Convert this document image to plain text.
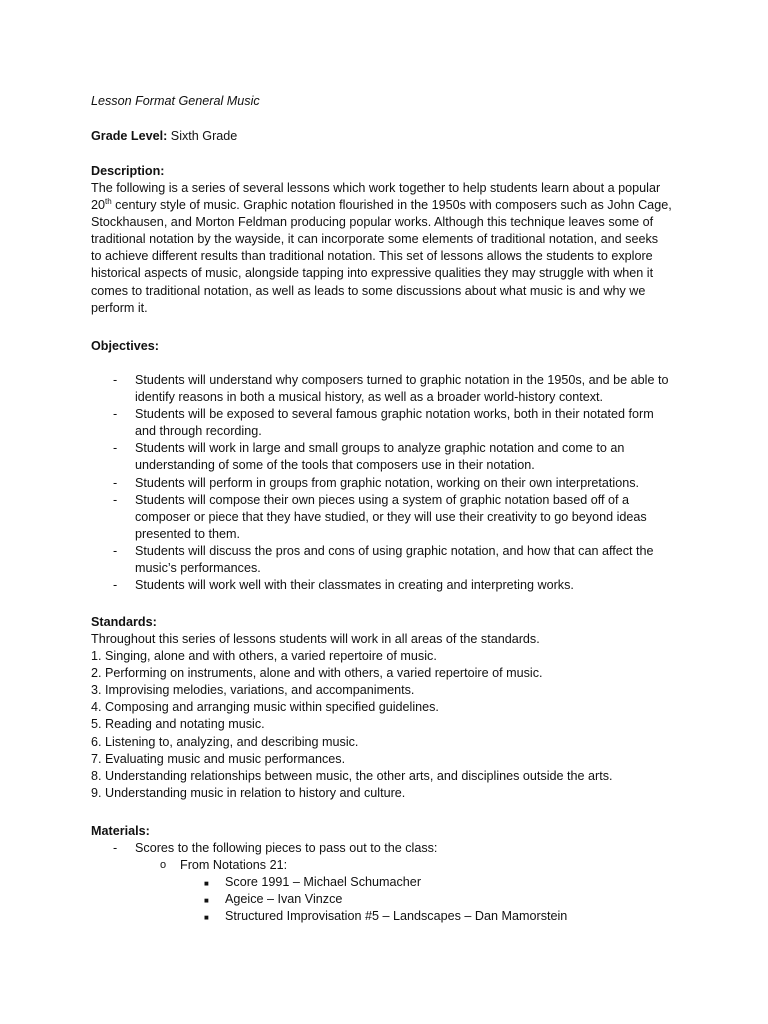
Lesson Format General Music
Grade Level: Sixth Grade
Description:

The following is a series of several lessons which work together to help students learn about a popular

20th century style of music. Graphic notation flourished in the 1950s with composers such as John Cage,

Stockhausen, and Morton Feldman producing popular works. Although this technique leaves some of

traditional notation by the wayside, it can incorporate some elements of traditional notation, and seeks

to achieve different results than traditional notation. This set of lessons allows the students to explore

historical aspects of music, alongside tapping into expressive qualities they may struggle with when it

comes to traditional notation, as well as leads to some discussions about what music is and why we

perform it.

Objectives:
- Students will understand why composers turned to graphic notation in the 1950s, and be able to
identify reasons in both a musical history, as well as a broader world-history context.
- Students will be exposed to several famous graphic notation works, both in their notated form
and through recording.
- Students will work in large and small groups to analyze graphic notation and come to an
understanding of some of the tools that composers use in their notation.
- Students will perform in groups from graphic notation, working on their own interpretations.
- Students will compose their own pieces using a system of graphic notation based off of a
composer or piece that they have studied, or they will use their creativity to go beyond ideas
presented to them.
- Students will discuss the pros and cons of using graphic notation, and how that can affect the
music’s performances.
- Students will work well with their classmates in creating and interpreting works.
Standards:
Throughout this series of lessons students will work in all areas of the standards.
1. Singing, alone and with others, a varied repertoire of music.
2. Performing on instruments, alone and with others, a varied repertoire of music.
3. Improvising melodies, variations, and accompaniments.
4. Composing and arranging music within specified guidelines.
5. Reading and notating music.
6. Listening to, analyzing, and describing music.
7. Evaluating music and music performances.
8. Understanding relationships between music, the other arts, and disciplines outside the arts.
9. Understanding music in relation to history and culture.
Materials:
- Scores to the following pieces to pass out to the class:
o From Notations 21:
■ Score 1991 – Michael Schumacher
■ Ageice – Ivan Vinzce
■ Structured Improvisation #5 – Landscapes – Dan Mamorstein
